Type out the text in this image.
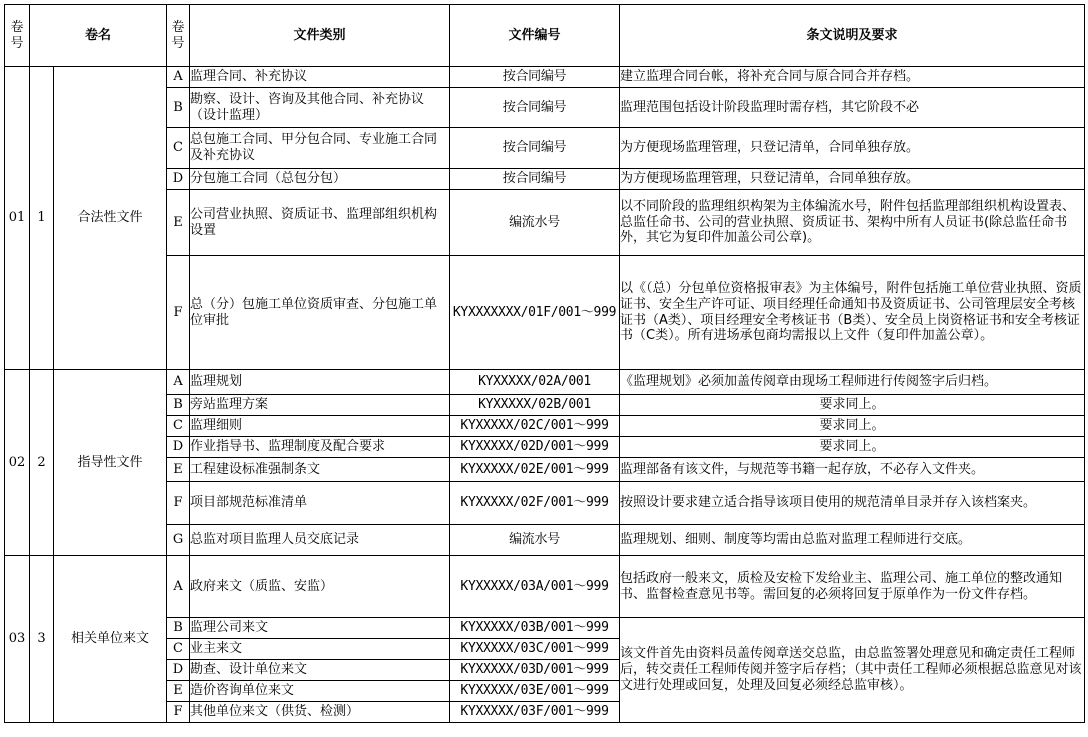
卷号	卷名		卷号	文件类别	文件编号	条文说明及要求
01	1	合法性文件	A	监理合同、补充协议	按合同编号	建立监理合同台帐，将补充合同与原合同合并存档。
			B	勘察、设计、咨询及其他合同、补充协议（设计监理）	按合同编号	监理范围包括设计阶段监理时需存档，其它阶段不必
			C	总包施工合同、甲分包合同、专业施工合同及补充协议	按合同编号	为方便现场监理管理，只登记清单，合同单独存放。
			D	分包施工合同（总包分包）	按合同编号	为方便现场监理管理，只登记清单，合同单独存放。
			E	公司营业执照、资质证书、监理部组织机构设置	编流水号	以不同阶段的监理组织构架为主体编流水号，附件包括监理部组织机构设置表、总监任命书、公司的营业执照、资质证书、架构中所有人员证书(除总监任命书外，其它为复印件加盖公司公章)。
			F	总（分）包施工单位资质审查、分包施工单位审批	KYXXXXXXX/01F/001～999	以《（总）分包单位资格报审表》为主体编号，附件包括施工单位营业执照、资质证书、安全生产许可证、项目经理任命通知书及资质证书、公司管理层安全考核证书（A类）、项目经理安全考核证书（B类）、安全员上岗资格证书和安全考核证书（C类）。所有进场承包商均需报以上文件（复印件加盖公章）。
02	2	指导性文件	A	监理规划	KYXXXXX/02A/001	《监理规划》必须加盖传阅章由现场工程师进行传阅签字后归档。
			B	旁站监理方案	KYXXXXX/02B/001	要求同上。
			C	监理细则	KYXXXXX/02C/001～999	要求同上。
			D	作业指导书、监理制度及配合要求	KYXXXXX/02D/001～999	要求同上。
			E	工程建设标准强制条文	KYXXXXX/02E/001～999	监理部备有该文件，与规范等书籍一起存放，不必存入文件夹。
			F	项目部规范标准清单	KYXXXXX/02F/001～999	按照设计要求建立适合指导该项目使用的规范清单目录并存入该档案夹。
			G	总监对项目监理人员交底记录	编流水号	监理规划、细则、制度等均需由总监对监理工程师进行交底。
03	3	相关单位来文	A	政府来文（质监、安监）	KYXXXXX/03A/001～999	包括政府一般来文，质检及安检下发给业主、监理公司、施工单位的整改通知书、监督检查意见书等。需回复的必须将回复于原单作为一份文件存档。
			B	监理公司来文	KYXXXXX/03B/001～999	该文件首先由资料员盖传阅章送交总监，由总监签署处理意见和确定责任工程师后，转交责任工程师传阅并签字后存档；（其中责任工程师必须根据总监意见对该文进行处理或回复，处理及回复必须经总监审核）。
			C	业主来文	KYXXXXX/03C/001～999	
			D	勘查、设计单位来文	KYXXXXX/03D/001～999	
			E	造价咨询单位来文	KYXXXXX/03E/001～999	
			F	其他单位来文（供货、检测）	KYXXXXX/03F/001～999	
